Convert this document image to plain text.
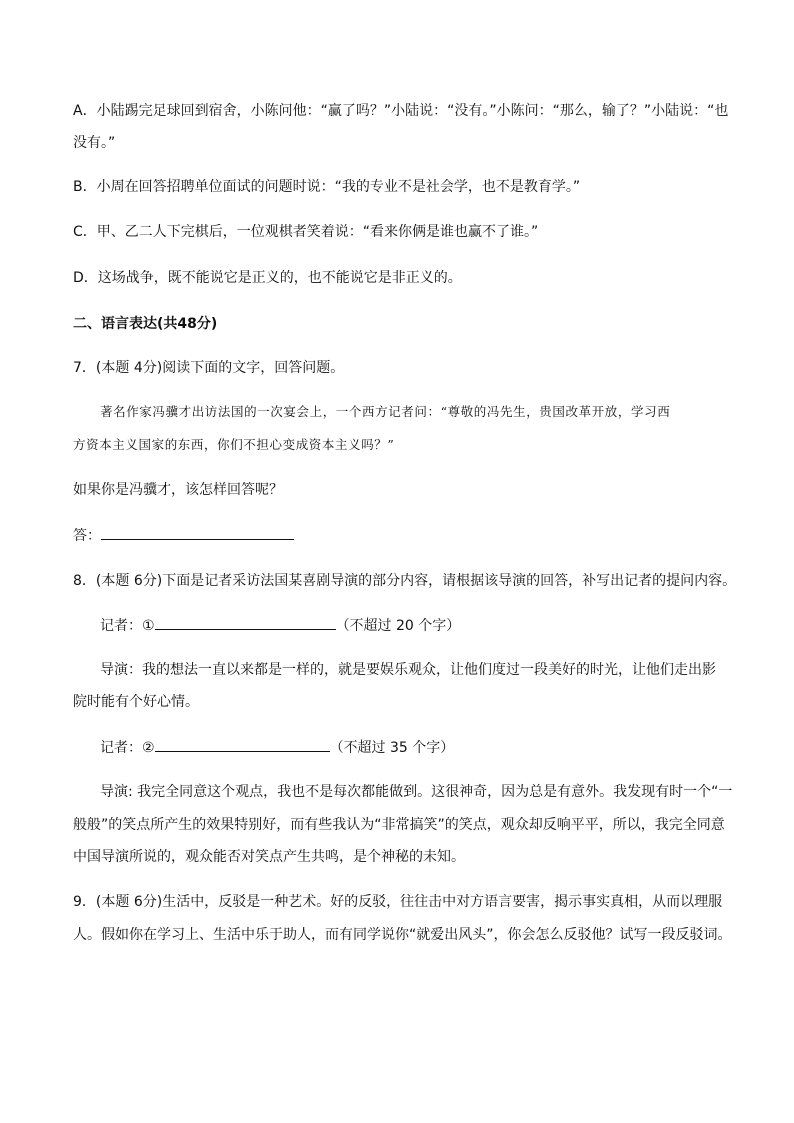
A．小陆踢完足球回到宿舍，小陈问他：“赢了吗？”小陆说：“没有。”小陈问：“那么，输了？”小陆说：“也
没有。”
B．小周在回答招聘单位面试的问题时说：“我的专业不是社会学，也不是教育学。”
C．甲、乙二人下完棋后，一位观棋者笑着说：“看来你俩是谁也赢不了谁。”
D．这场战争，既不能说它是正义的，也不能说它是非正义的。
二、语言表达(共48分)
7．(本题 4分)阅读下面的文字，回答问题。
著名作家冯骥才出访法国的一次宴会上，一个西方记者问：“尊敬的冯先生，贵国改革开放，学习西
方资本主义国家的东西，你们不担心变成资本主义吗？”
如果你是冯骥才，该怎样回答呢？
答：
8．(本题 6分)下面是记者采访法国某喜剧导演的部分内容，请根据该导演的回答，补写出记者的提问内容。
记者：①	（不超过 20 个字）
导演：我的想法一直以来都是一样的，就是要娱乐观众，让他们度过一段美好的时光，让他们走出影
院时能有个好心情。
记者：②	（不超过 35 个字）
导演: 我完全同意这个观点，我也不是每次都能做到。这很神奇，因为总是有意外。我发现有时一个“一
般般”的笑点所产生的效果特别好，而有些我认为“非常搞笑”的笑点，观众却反响平平，所以，我完全同意
中国导演所说的，观众能否对笑点产生共鸣，是个神秘的未知。
9．(本题 6分)生活中，反驳是一种艺术。好的反驳，往往击中对方语言要害，揭示事实真相，从而以理服
人。假如你在学习上、生活中乐于助人，而有同学说你“就爱出风头”，你会怎么反驳他？试写一段反驳词。
